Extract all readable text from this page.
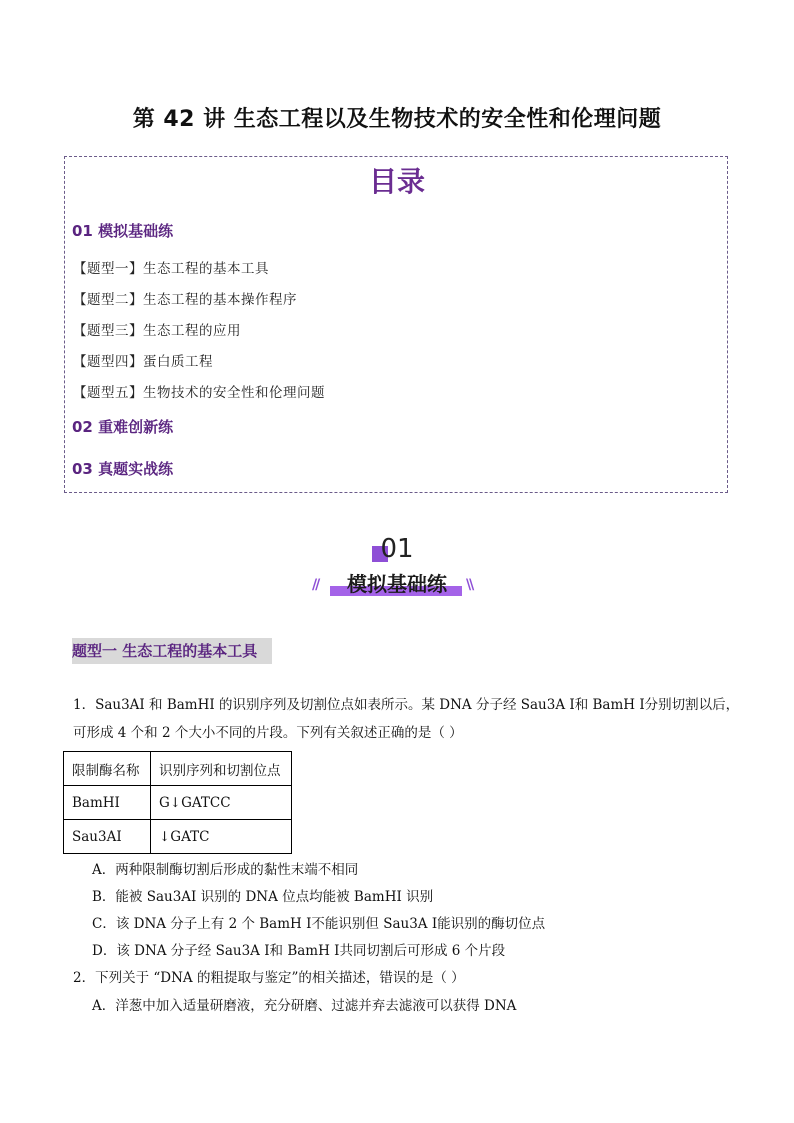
第 42 讲 生态工程以及生物技术的安全性和伦理问题
目录
01 模拟基础练
【题型一】生态工程的基本工具
【题型二】生态工程的基本操作程序
【题型三】生态工程的应用
【题型四】蛋白质工程
【题型五】生物技术的安全性和伦理问题
02 重难创新练
03 真题实战练
01
模拟基础练
//	\\
题型一 生态工程的基本工具
1．Sau3AI 和 BamHI 的识别序列及切割位点如表所示。某 DNA 分子经 Sau3A Ⅰ和 BamH Ⅰ分别切割以后，
可形成 4 个和 2 个大小不同的片段。下列有关叙述正确的是（ ）
限制酶名称	识别序列和切割位点
BamHI	G↓GATCC
Sau3AI	↓GATC
A．两种限制酶切割后形成的黏性末端不相同
B．能被 Sau3AI 识别的 DNA 位点均能被 BamHI 识别
C．该 DNA 分子上有 2 个 BamH Ⅰ不能识别但 Sau3A Ⅰ能识别的酶切位点
D．该 DNA 分子经 Sau3A Ⅰ和 BamH Ⅰ共同切割后可形成 6 个片段
2．下列关于 “DNA 的粗提取与鉴定”的相关描述，错误的是（ ）
A．洋葱中加入适量研磨液，充分研磨、过滤并弃去滤液可以获得 DNA
